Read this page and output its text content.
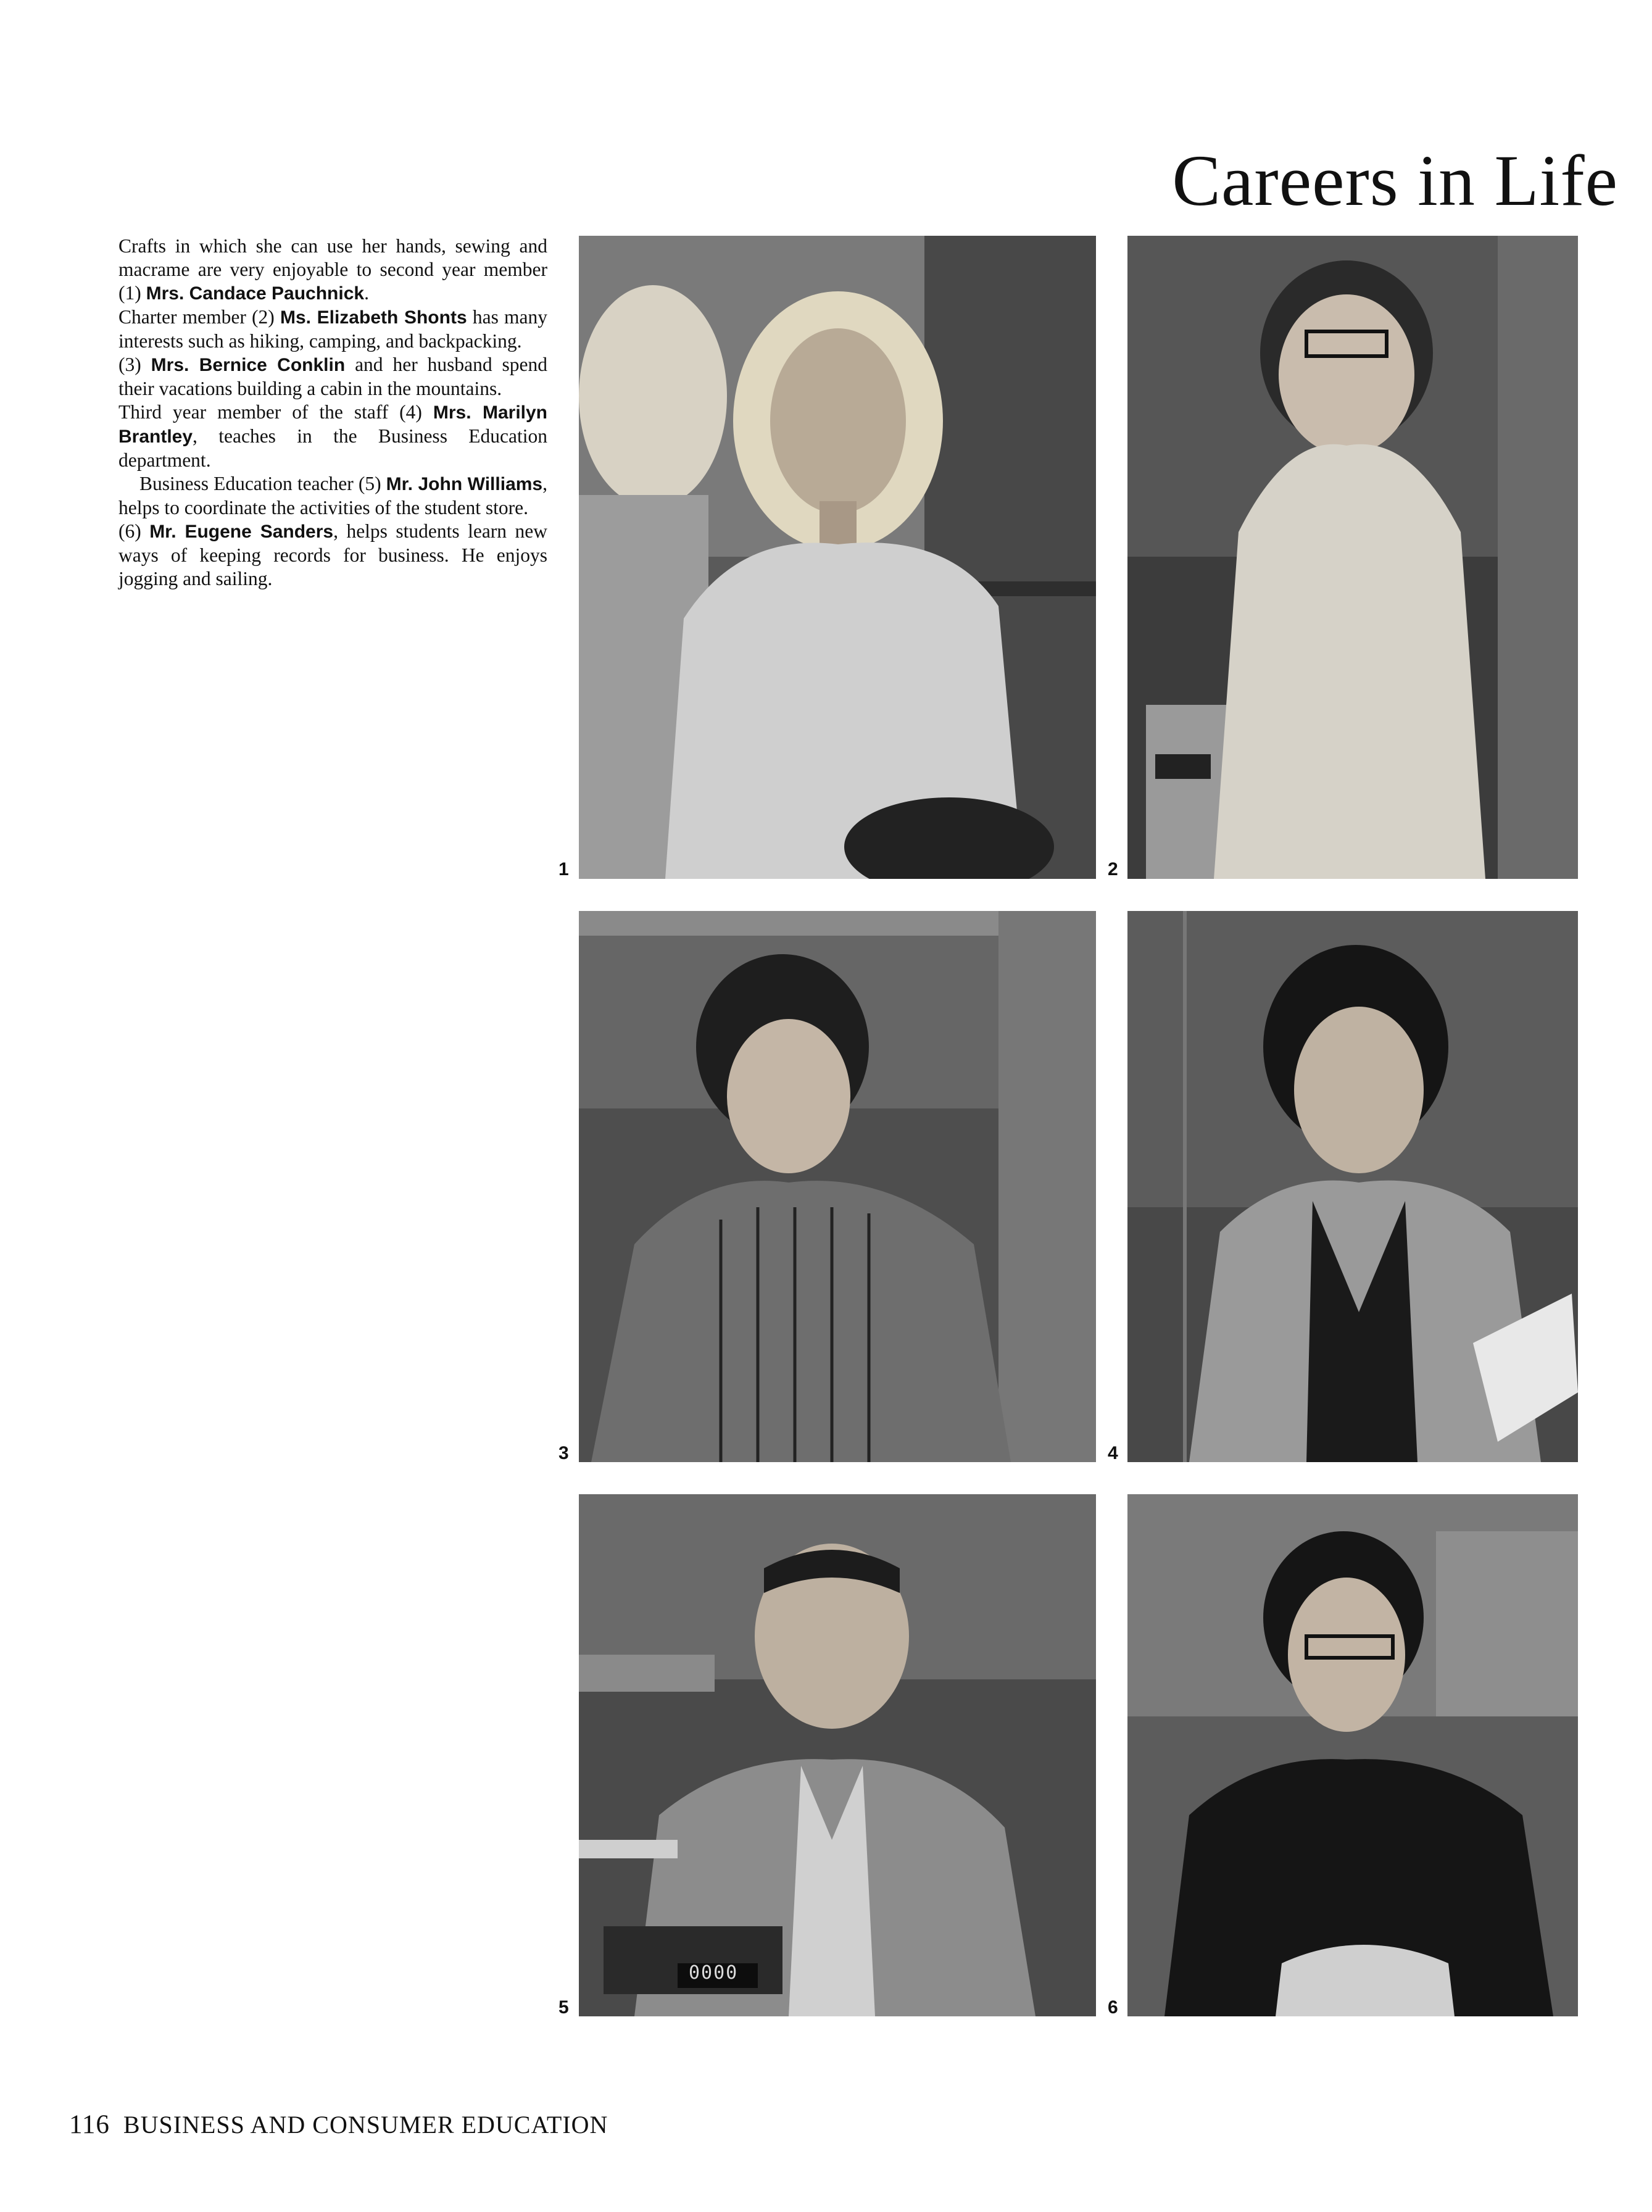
Careers in Life

Crafts in which she can use her hands, sewing and macrame are very enjoyable to second year member (1) Mrs. Candace Pauchnick.

Charter member (2) Ms. Elizabeth Shonts has many interests such as hiking, camping, and backpacking.

(3) Mrs. Bernice Conklin and her husband spend their vacations building a cabin in the mountains.

Third year member of the staff (4) Mrs. Marilyn Brantley, teaches in the Business Education department.

Business Education teacher (5) Mr. John Williams, helps to coordinate the activities of the student store.

(6) Mr. Eugene Sanders, helps students learn new ways of keeping records for business. He enjoys jogging and sailing.

1	2
3	4
0000
5	6
116 BUSINESS AND CONSUMER EDUCATION
